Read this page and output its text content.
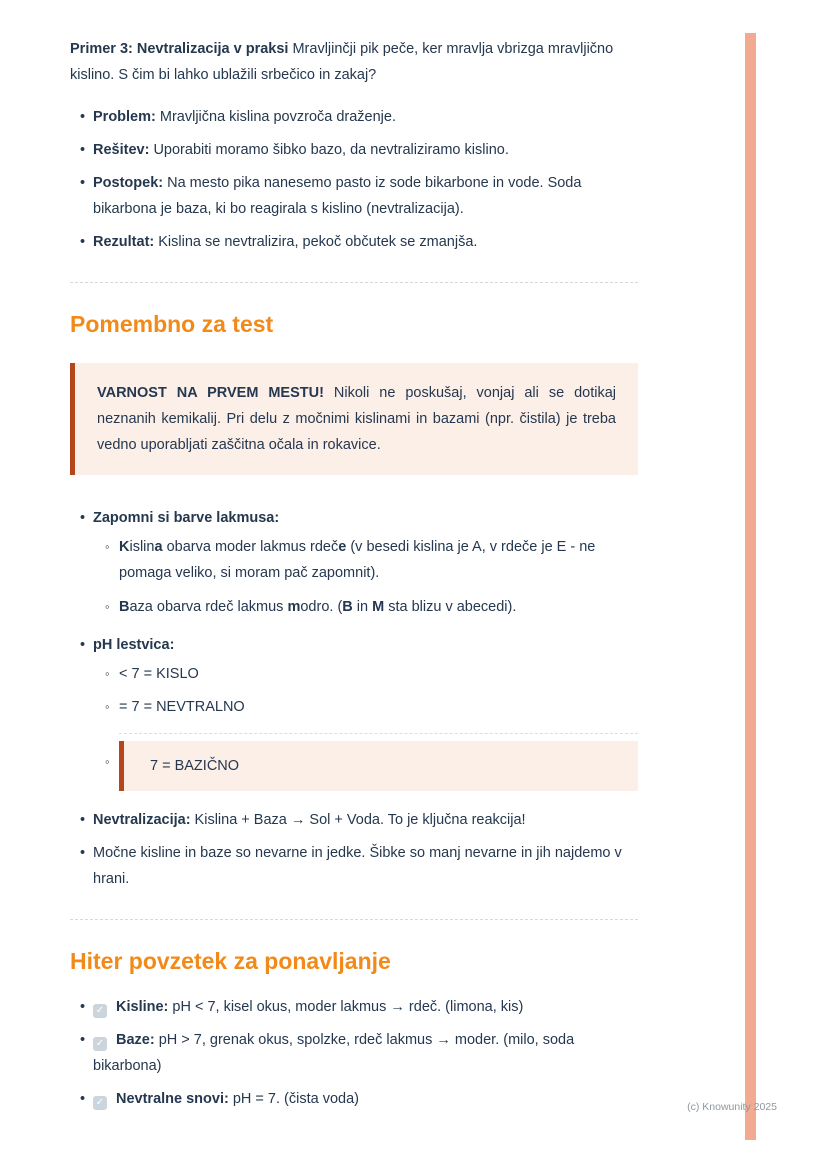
Primer 3: Nevtralizacija v praksi Mravljinčji pik peče, ker mravlja vbrizga mravljično kislino. S čim bi lahko ublažili srbečico in zakaj?

• Problem: Mravljična kislina povzroča draženje.
• Rešitev: Uporabiti moramo šibko bazo, da nevtraliziramo kislino.
• Postopek: Na mesto pika nanesemo pasto iz sode bikarbone in vode. Soda bikarbona je baza, ki bo reagirala s kislino (nevtralizacija).
• Rezultat: Kislina se nevtralizira, pekoč občutek se zmanjša.
Pomembno za test

VARNOST NA PRVEM MESTU! Nikoli ne poskušaj, vonjaj ali se dotikaj neznanih kemikalij. Pri delu z močnimi kislinami in bazami (npr. čistila) je treba vedno uporabljati zaščitna očala in rokavice.

• Zapomni si barve lakmusa:
◦ Kislina obarva moder lakmus rdeče (v besedi kislina je A, v rdeče je E - ne pomaga veliko, si moram pač zapomnit).
◦ Baza obarva rdeč lakmus modro. (B in M sta blizu v abecedi).
• pH lestvica:
◦ < 7 = KISLO
◦ = 7 = NEVTRALNO
◦	7 = BAZIČNO
• Nevtralizacija: Kislina + Baza → Sol + Voda. To je ključna reakcija!
• Močne kisline in baze so nevarne in jedke. Šibke so manj nevarne in jih najdemo v hrani.
Hiter povzetek za ponavljanje
•	✓ Kisline: pH < 7, kisel okus, moder lakmus → rdeč. (limona, kis)
•	✓ Baze: pH > 7, grenak okus, spolzke, rdeč lakmus → moder. (milo, soda bikarbona)
•	✓ Nevtralne snovi: pH = 7. (čista voda)	(c) Knowunity 2025
